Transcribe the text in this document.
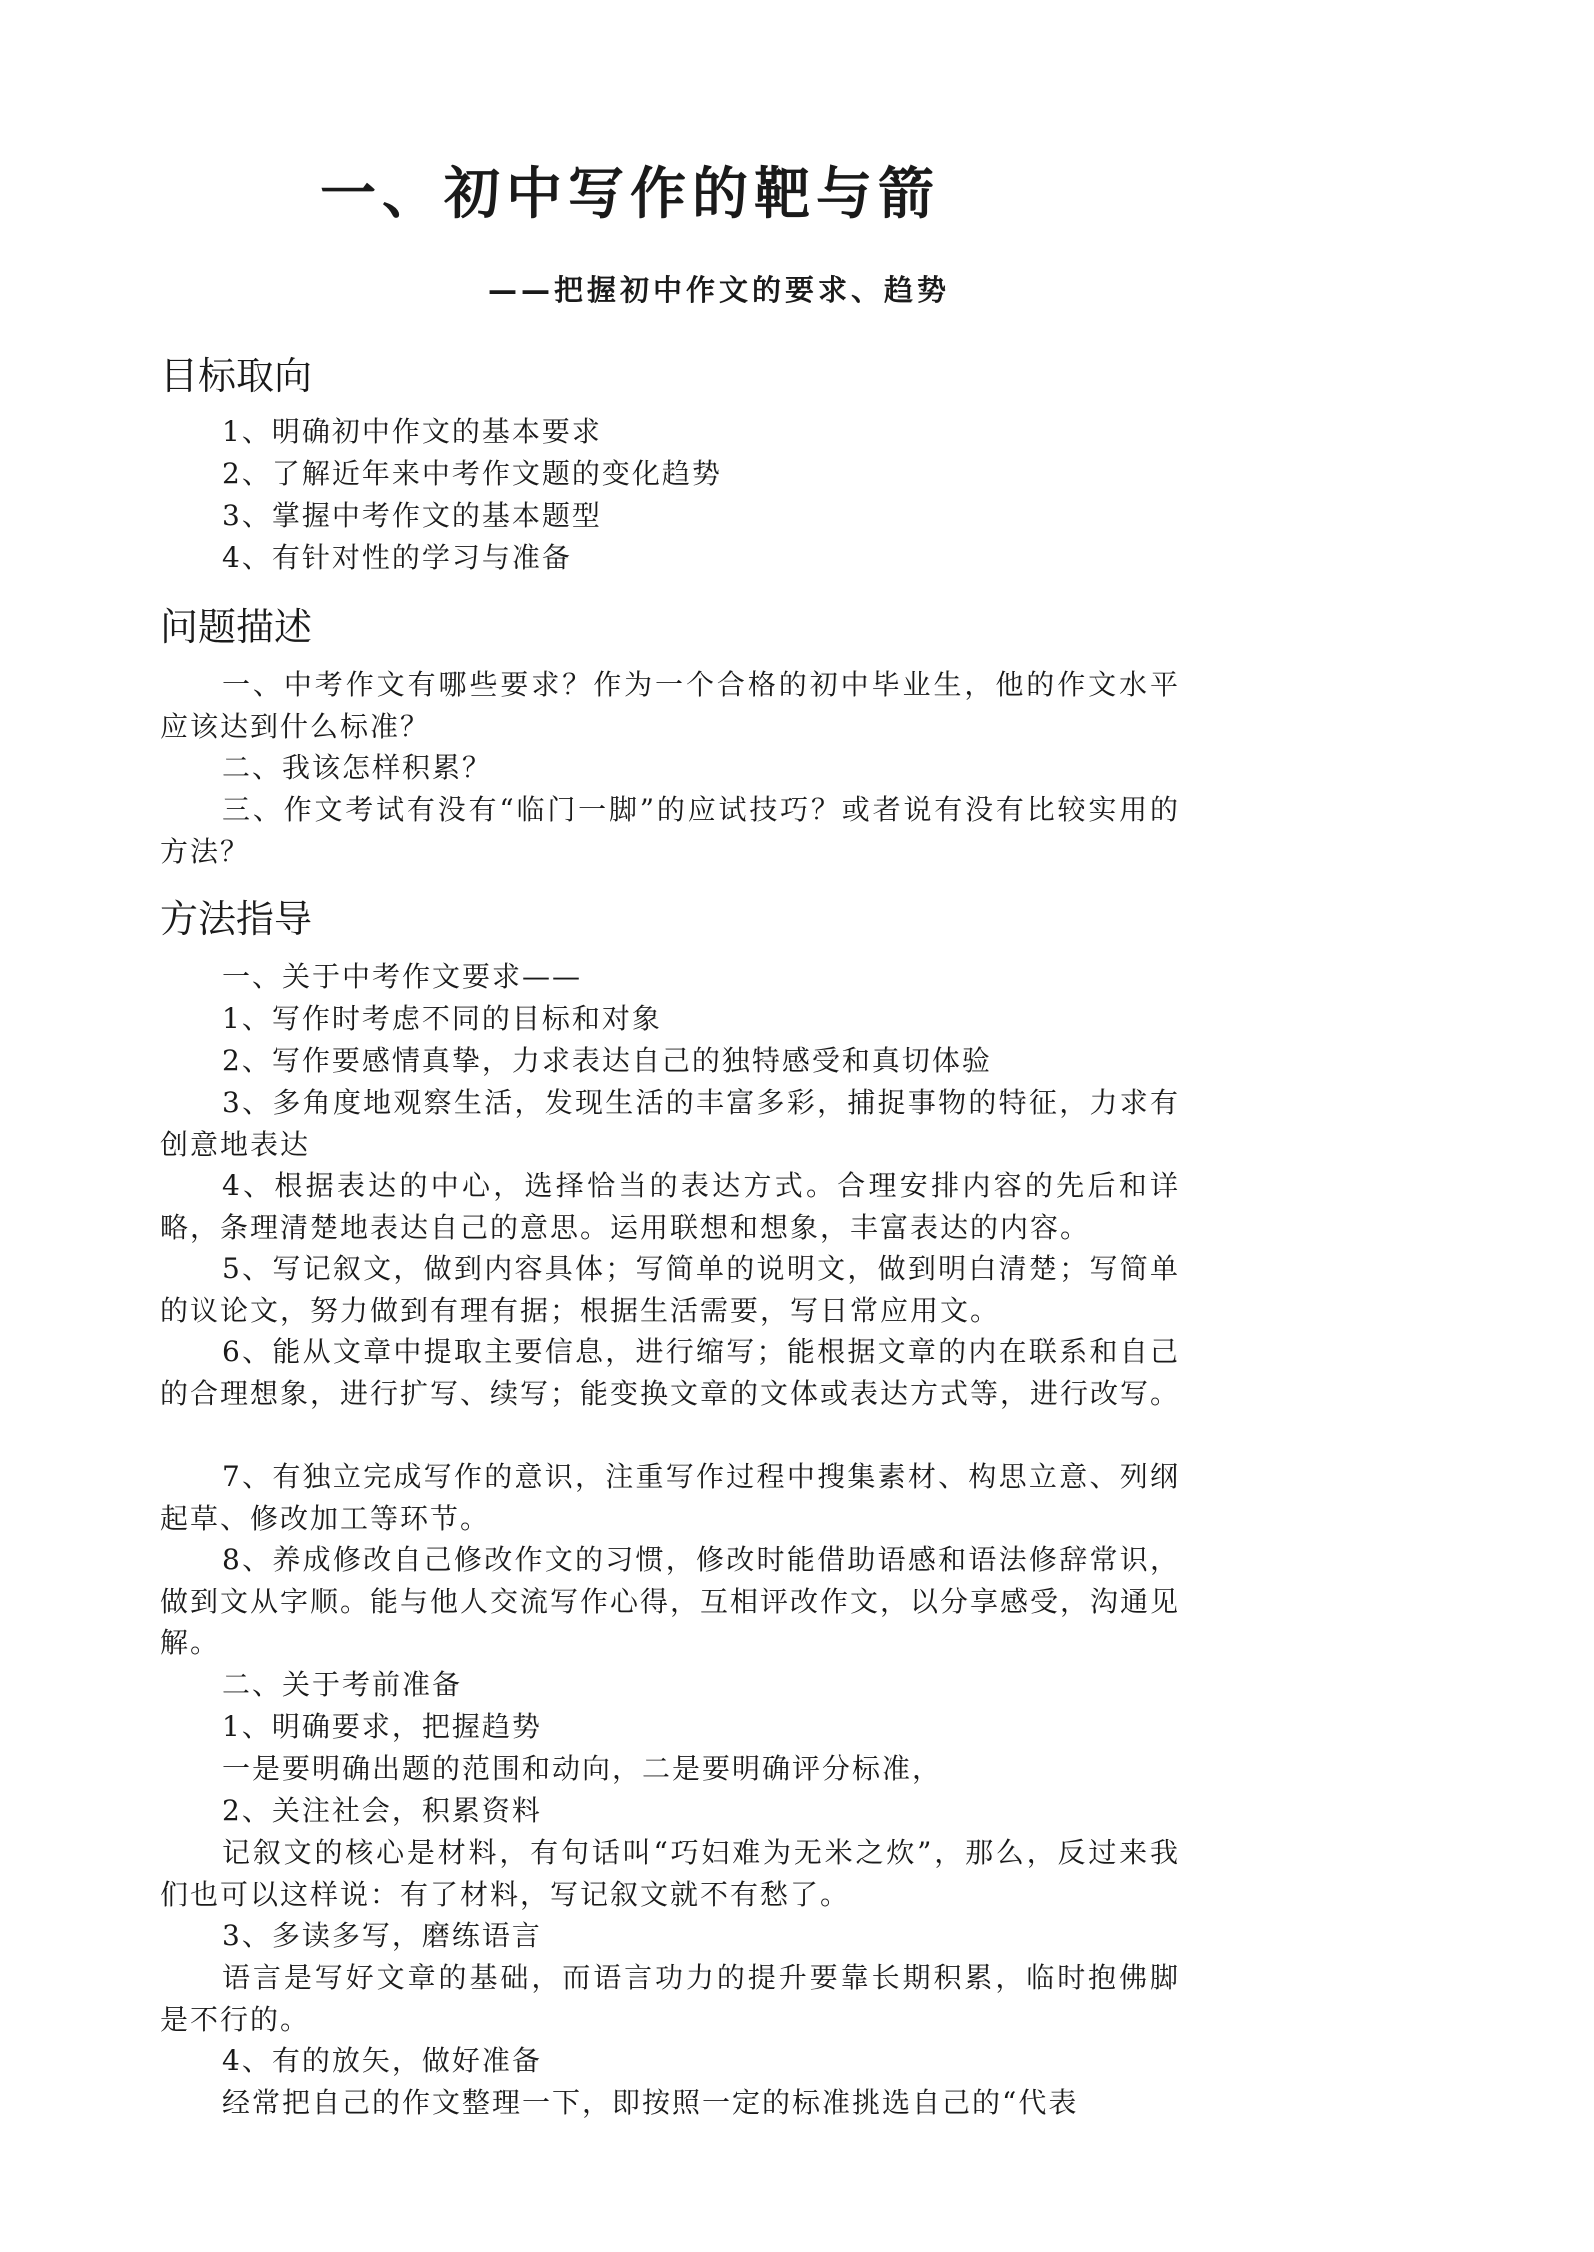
一、初中写作的靶与箭
——把握初中作文的要求、趋势
目标取向
1、明确初中作文的基本要求
2、了解近年来中考作文题的变化趋势
3、掌握中考作文的基本题型
4、有针对性的学习与准备
问题描述

一、中考作文有哪些要求？作为一个合格的初中毕业生，他的作文水平应该达到什么标准？

二、我该怎样积累？

三、作文考试有没有“临门一脚”的应试技巧？或者说有没有比较实用的方法？

方法指导

一、关于中考作文要求——

1、写作时考虑不同的目标和对象

2、写作要感情真挚，力求表达自己的独特感受和真切体验

3、多角度地观察生活，发现生活的丰富多彩，捕捉事物的特征，力求有创意地表达

4、根据表达的中心，选择恰当的表达方式。合理安排内容的先后和详略，条理清楚地表达自己的意思。运用联想和想象，丰富表达的内容。

5、写记叙文，做到内容具体；写简单的说明文，做到明白清楚；写简单的议论文，努力做到有理有据；根据生活需要，写日常应用文。

6、能从文章中提取主要信息，进行缩写；能根据文章的内在联系和自己的合理想象，进行扩写、续写；能变换文章的文体或表达方式等，进行改写。

7、有独立完成写作的意识，注重写作过程中搜集素材、构思立意、列纲起草、修改加工等环节。

8、养成修改自己修改作文的习惯，修改时能借助语感和语法修辞常识，做到文从字顺。能与他人交流写作心得，互相评改作文，以分享感受，沟通见解。

二、关于考前准备

1、明确要求，把握趋势

一是要明确出题的范围和动向，二是要明确评分标准，

2、关注社会，积累资料

记叙文的核心是材料，有句话叫“巧妇难为无米之炊”，那么，反过来我们也可以这样说：有了材料，写记叙文就不有愁了。

3、多读多写，磨练语言

语言是写好文章的基础，而语言功力的提升要靠长期积累，临时抱佛脚是不行的。

4、有的放矢，做好准备

经常把自己的作文整理一下，即按照一定的标准挑选自己的“代表
